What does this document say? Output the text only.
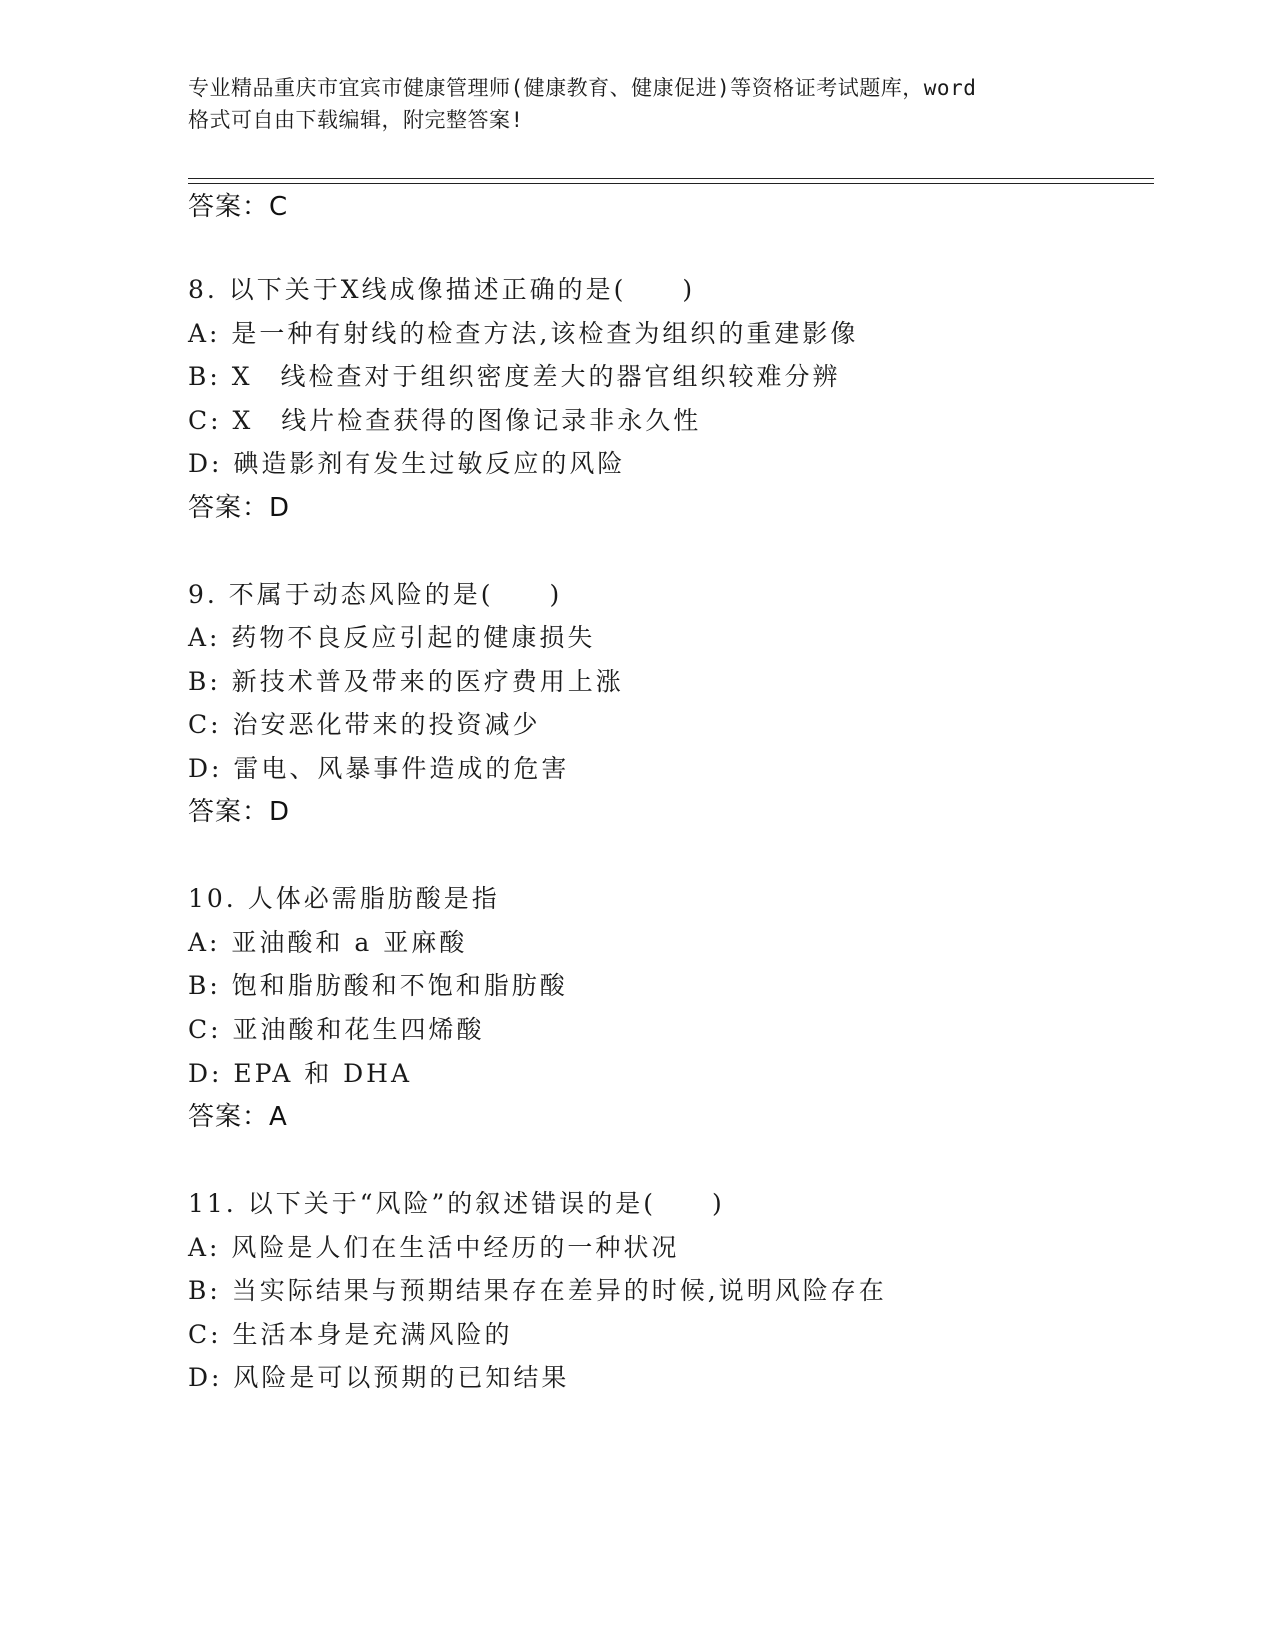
专业精品重庆市宜宾市健康管理师(健康教育、健康促进)等资格证考试题库，word
格式可自由下载编辑，附完整答案!
答案：C
8. 以下关于X线成像描述正确的是(　　)
A: 是一种有射线的检查方法,该检查为组织的重建影像
B: X　线检查对于组织密度差大的器官组织较难分辨
C: X　线片检查获得的图像记录非永久性
D: 碘造影剂有发生过敏反应的风险
答案：D
9. 不属于动态风险的是(　　)
A: 药物不良反应引起的健康损失
B: 新技术普及带来的医疗费用上涨
C: 治安恶化带来的投资减少
D: 雷电、风暴事件造成的危害
答案：D
10. 人体必需脂肪酸是指
A: 亚油酸和 a 亚麻酸
B: 饱和脂肪酸和不饱和脂肪酸
C: 亚油酸和花生四烯酸
D: EPA 和 DHA
答案：A
11. 以下关于“风险”的叙述错误的是(　　)
A: 风险是人们在生活中经历的一种状况
B: 当实际结果与预期结果存在差异的时候,说明风险存在
C: 生活本身是充满风险的
D: 风险是可以预期的已知结果
